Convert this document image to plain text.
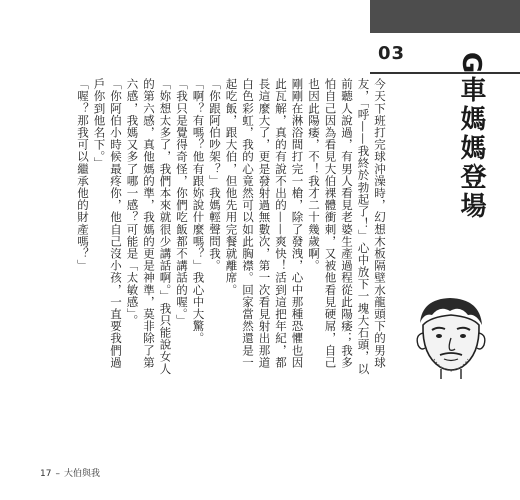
03 G車媽媽登場

今天下班打完球沖澡時，幻想木板隔壁水龍頭下的男球友，「呼——我終於勃起了！」心中放下一塊大石頭，以前聽人說過，有男人看見老婆生產過程從此陽痿；我多怕自己因為看見大伯裸體衝刺，又被他看見硬屌，自己也因此陽痿，不！我才二十幾歲啊。

剛剛在淋浴間打完一槍，除了發洩，心中那種恐懼也因此瓦解，真的有說不出的——爽快！活到這把年紀，都長這麼大了，更是發射過無數次，第一次看見射出那道白色彩虹，我的心竟然可以如此胸襟。回家當然還是一起吃飯，跟大伯，但他先用完餐就離席。

「你跟阿伯吵架？」我媽輕聲問我。

「啊？有嗎？他有跟妳說什麼嗎？」我心中大驚。

「我只是覺得奇怪，你們吃飯都不講話的喔。」

「妳想太多了，我們本來就很少講話啊。」我只能說女人的第六感，真他媽的準，我媽的更是神準，莫非除了第六感，我媽又多了哪一感？可能是「太敏感」。

「你阿伯小時候最疼你，他自己沒小孩，一直要我們過戶你到他名下。」

「喔？那我可以繼承他的財產嗎？」

17 – 大伯與我
